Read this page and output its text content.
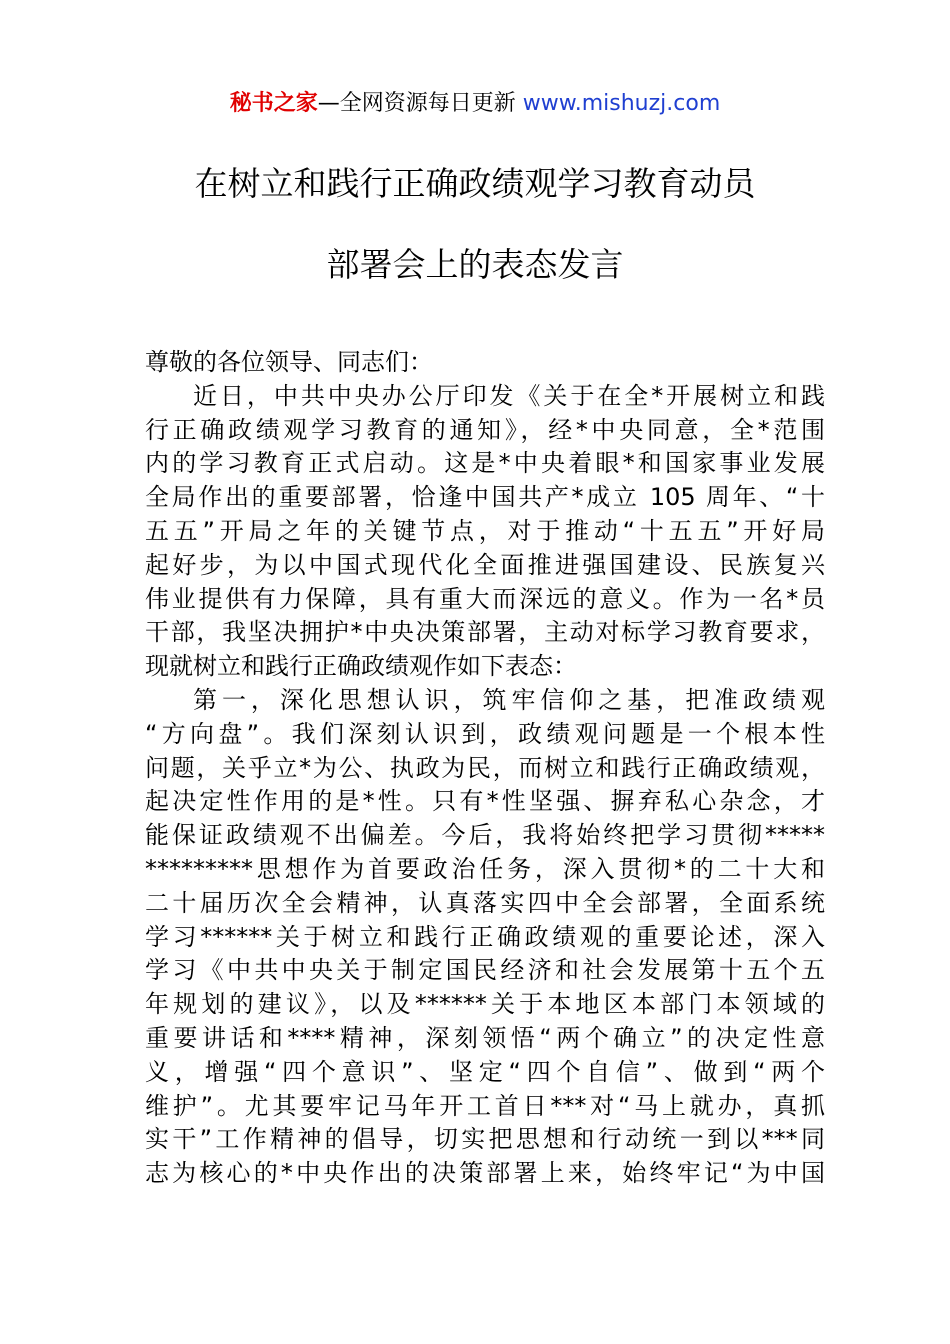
秘书之家—全网资源每日更新 www.mishuzj.com
在树立和践行正确政绩观学习教育动员
部署会上的表态发言
尊敬的各位领导、同志们：
近日，中共中央办公厅印发《关于在全*开展树立和践
行正确政绩观学习教育的通知》，经*中央同意，全*范围
内的学习教育正式启动。这是*中央着眼*和国家事业发展
全局作出的重要部署，恰逢中国共产*成立 105 周年、“十
五五”开局之年的关键节点，对于推动“十五五”开好局
起好步，为以中国式现代化全面推进强国建设、民族复兴
伟业提供有力保障，具有重大而深远的意义。作为一名*员
干部，我坚决拥护*中央决策部署，主动对标学习教育要求，
现就树立和践行正确政绩观作如下表态：
第一，深化思想认识，筑牢信仰之基，把准政绩观
“方向盘”。我们深刻认识到，政绩观问题是一个根本性
问题，关乎立*为公、执政为民，而树立和践行正确政绩观，
起决定性作用的是*性。只有*性坚强、摒弃私心杂念，才
能保证政绩观不出偏差。今后，我将始终把学习贯彻*****
*********思想作为首要政治任务，深入贯彻*的二十大和
二十届历次全会精神，认真落实四中全会部署，全面系统
学习******关于树立和践行正确政绩观的重要论述，深入
学习《中共中央关于制定国民经济和社会发展第十五个五
年规划的建议》，以及******关于本地区本部门本领域的
重要讲话和****精神，深刻领悟“两个确立”的决定性意
义，增强“四个意识”、坚定“四个自信”、做到“两个
维护”。尤其要牢记马年开工首日***对“马上就办，真抓
实干”工作精神的倡导，切实把思想和行动统一到以***同
志为核心的*中央作出的决策部署上来，始终牢记“为中国
